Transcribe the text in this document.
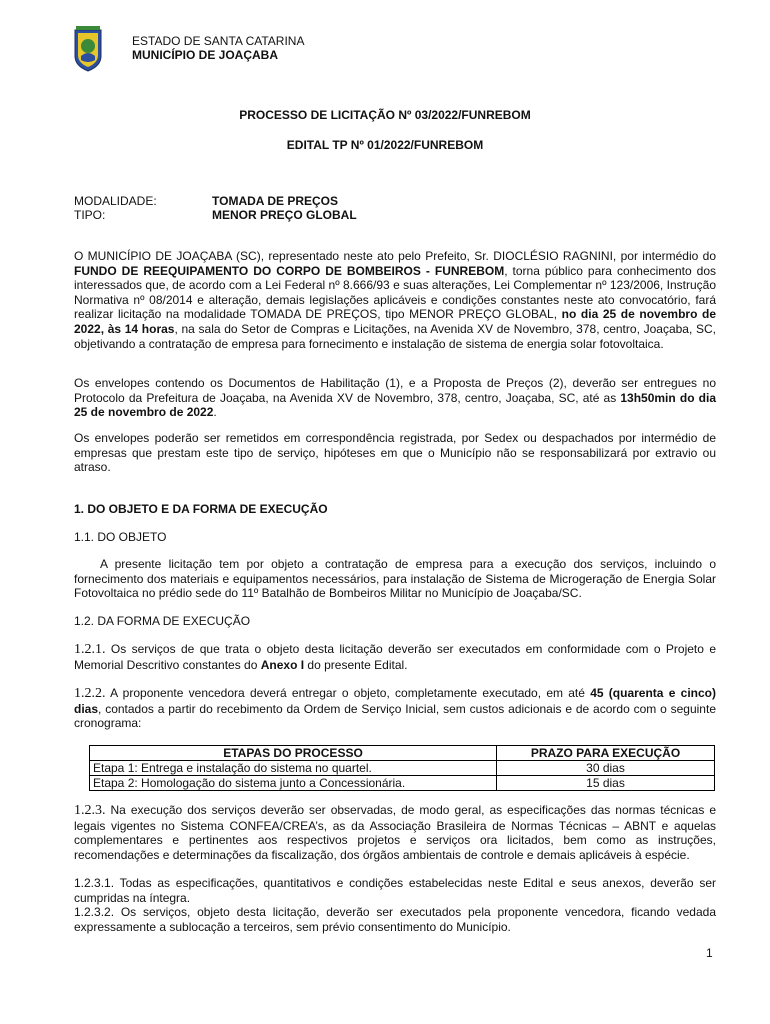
ESTADO DE SANTA CATARINA
MUNICÍPIO DE JOAÇABA
PROCESSO DE LICITAÇÃO Nº 03/2022/FUNREBOM
EDITAL TP Nº 01/2022/FUNREBOM
MODALIDADE:	TOMADA DE PREÇOS
TIPO:	MENOR PREÇO GLOBAL
O MUNICÍPIO DE JOAÇABA (SC), representado neste ato pelo Prefeito, Sr. DIOCLÉSIO RAGNINI, por intermédio do FUNDO DE REEQUIPAMENTO DO CORPO DE BOMBEIROS - FUNREBOM, torna público para conhecimento dos interessados que, de acordo com a Lei Federal nº 8.666/93 e suas alterações, Lei Complementar nº 123/2006, Instrução Normativa nº 08/2014 e alteração, demais legislações aplicáveis e condições constantes neste ato convocatório, fará realizar licitação na modalidade TOMADA DE PREÇOS, tipo MENOR PREÇO GLOBAL, no dia 25 de novembro de 2022, às 14 horas, na sala do Setor de Compras e Licitações, na Avenida XV de Novembro, 378, centro, Joaçaba, SC, objetivando a contratação de empresa para fornecimento e instalação de sistema de energia solar fotovoltaica.
Os envelopes contendo os Documentos de Habilitação (1), e a Proposta de Preços (2), deverão ser entregues no Protocolo da Prefeitura de Joaçaba, na Avenida XV de Novembro, 378, centro, Joaçaba, SC, até as 13h50min do dia 25 de novembro de 2022.
Os envelopes poderão ser remetidos em correspondência registrada, por Sedex ou despachados por intermédio de empresas que prestam este tipo de serviço, hipóteses em que o Município não se responsabilizará por extravio ou atraso.
1. DO OBJETO E DA FORMA DE EXECUÇÃO
1.1. DO OBJETO
A presente licitação tem por objeto a contratação de empresa para a execução dos serviços, incluindo o fornecimento dos materiais e equipamentos necessários, para instalação de Sistema de Microgeração de Energia Solar Fotovoltaica no prédio sede do 11º Batalhão de Bombeiros Militar no Município de Joaçaba/SC.
1.2. DA FORMA DE EXECUÇÃO
1.2.1. Os serviços de que trata o objeto desta licitação deverão ser executados em conformidade com o Projeto e Memorial Descritivo constantes do Anexo I do presente Edital.
1.2.2. A proponente vencedora deverá entregar o objeto, completamente executado, em até 45 (quarenta e cinco) dias, contados a partir do recebimento da Ordem de Serviço Inicial, sem custos adicionais e de acordo com o seguinte cronograma:
ETAPAS DO PROCESSO	PRAZO PARA EXECUÇÃO
Etapa 1: Entrega e instalação do sistema no quartel.	30 dias
Etapa 2: Homologação do sistema junto a Concessionária.	15 dias
1.2.3. Na execução dos serviços deverão ser observadas, de modo geral, as especificações das normas técnicas e legais vigentes no Sistema CONFEA/CREA’s, as da Associação Brasileira de Normas Técnicas – ABNT e aquelas complementares e pertinentes aos respectivos projetos e serviços ora licitados, bem como as instruções, recomendações e determinações da fiscalização, dos órgãos ambientais de controle e demais aplicáveis à espécie.
1.2.3.1. Todas as especificações, quantitativos e condições estabelecidas neste Edital e seus anexos, deverão ser cumpridas na íntegra.
1.2.3.2. Os serviços, objeto desta licitação, deverão ser executados pela proponente vencedora, ficando vedada expressamente a sublocação a terceiros, sem prévio consentimento do Município.
1
